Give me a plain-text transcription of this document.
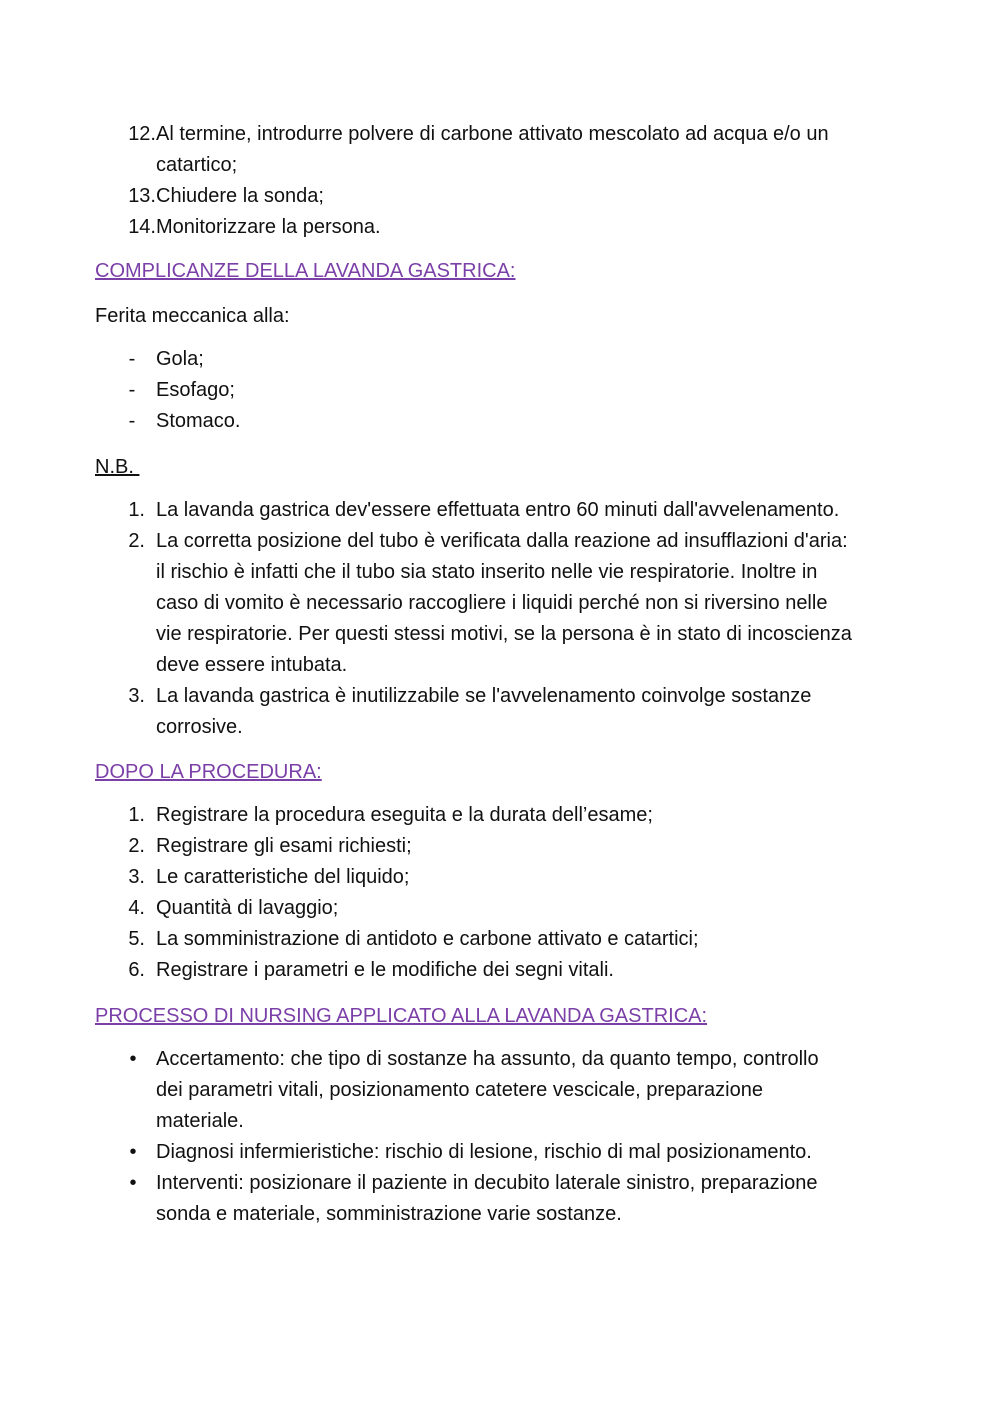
12. Al termine, introdurre polvere di carbone attivato mescolato ad acqua e/o un
catartico;
13. Chiudere la sonda;
14. Monitorizzare la persona.
COMPLICANZE DELLA LAVANDA GASTRICA:
Ferita meccanica alla:
- Gola;
- Esofago;
- Stomaco.
N.B.
1. La lavanda gastrica dev'essere effettuata entro 60 minuti dall'avvelenamento.
2. La corretta posizione del tubo è verificata dalla reazione ad insufflazioni d'aria:
il rischio è infatti che il tubo sia stato inserito nelle vie respiratorie. Inoltre in
caso di vomito è necessario raccogliere i liquidi perché non si riversino nelle
vie respiratorie. Per questi stessi motivi, se la persona è in stato di incoscienza
deve essere intubata.
3. La lavanda gastrica è inutilizzabile se l'avvelenamento coinvolge sostanze
corrosive.
DOPO LA PROCEDURA:
1. Registrare la procedura eseguita e la durata dell’esame;
2. Registrare gli esami richiesti;
3. Le caratteristiche del liquido;
4. Quantità di lavaggio;
5. La somministrazione di antidoto e carbone attivato e catartici;
6. Registrare i parametri e le modifiche dei segni vitali.
PROCESSO DI NURSING APPLICATO ALLA LAVANDA GASTRICA:
• Accertamento: che tipo di sostanze ha assunto, da quanto tempo, controllo
dei parametri vitali, posizionamento catetere vescicale, preparazione
materiale.
• Diagnosi infermieristiche: rischio di lesione, rischio di mal posizionamento.
• Interventi: posizionare il paziente in decubito laterale sinistro, preparazione
sonda e materiale, somministrazione varie sostanze.
